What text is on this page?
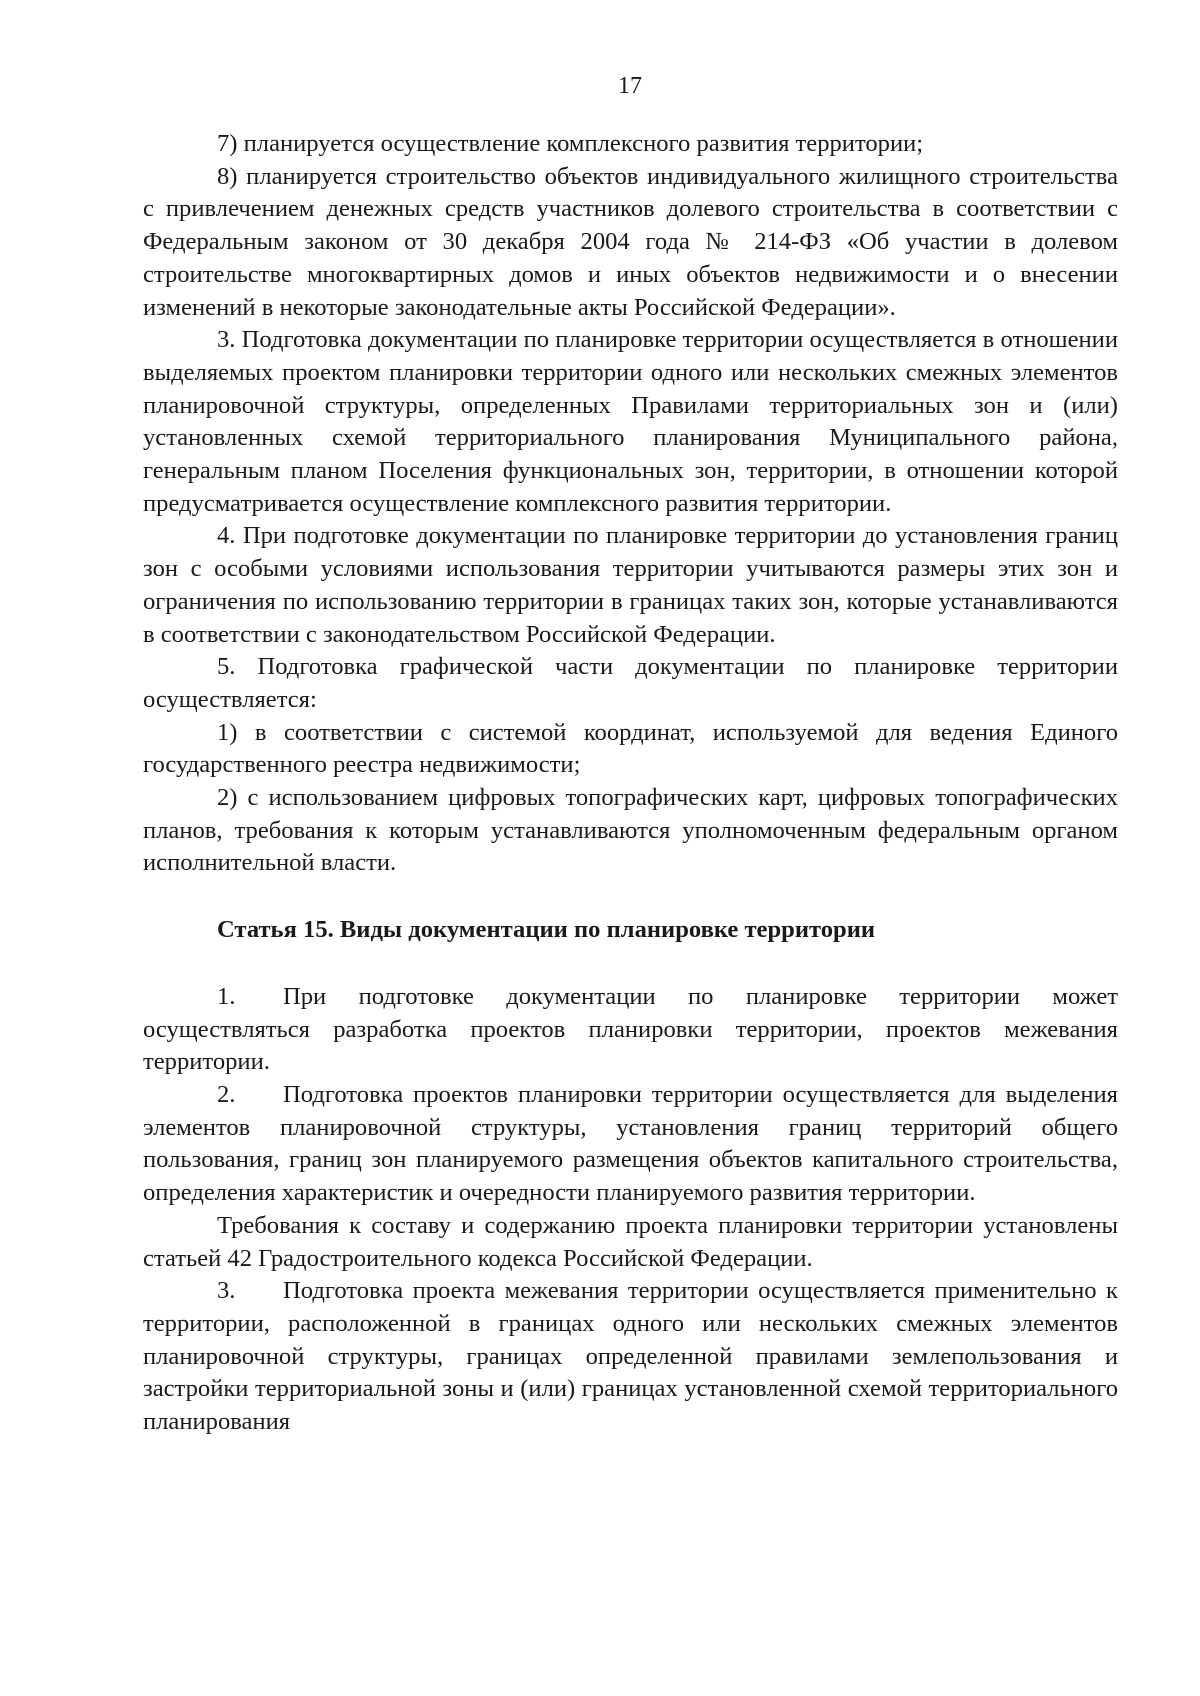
17

7) планируется осуществление комплексного развития территории;

8) планируется строительство объектов индивидуального жилищного строительства с привлечением денежных средств участников долевого строительства в соответствии с Федеральным законом от 30 декабря 2004 года № 214-ФЗ «Об участии в долевом строительстве многоквартирных домов и иных объектов недвижимости и о внесении изменений в некоторые законодательные акты Российской Федерации».

3. Подготовка документации по планировке территории осуществляется в отношении выделяемых проектом планировки территории одного или нескольких смежных элементов планировочной структуры, определенных Правилами территориальных зон и (или) установленных схемой территориального планирования Муниципального района, генеральным планом Поселения функциональных зон, территории, в отношении которой предусматривается осуществление комплексного развития территории.

4. При подготовке документации по планировке территории до установления границ зон с особыми условиями использования территории учитываются размеры этих зон и ограничения по использованию территории в границах таких зон, которые устанавливаются в соответствии с законодательством Российской Федерации.

5. Подготовка графической части документации по планировке территории осуществляется:

1) в соответствии с системой координат, используемой для ведения Единого государственного реестра недвижимости;

2) с использованием цифровых топографических карт, цифровых топографических планов, требования к которым устанавливаются уполномоченным федеральным органом исполнительной власти.

Статья 15. Виды документации по планировке территории

1. При подготовке документации по планировке территории может осуществляться разработка проектов планировки территории, проектов межевания территории.

2. Подготовка проектов планировки территории осуществляется для выделения элементов планировочной структуры, установления границ территорий общего пользования, границ зон планируемого размещения объектов капитального строительства, определения характеристик и очередности планируемого развития территории.

Требования к составу и содержанию проекта планировки территории установлены статьей 42 Градостроительного кодекса Российской Федерации.

3. Подготовка проекта межевания территории осуществляется применительно к территории, расположенной в границах одного или нескольких смежных элементов планировочной структуры, границах определенной правилами землепользования и застройки территориальной зоны и (или) границах установленной схемой территориального планирования
